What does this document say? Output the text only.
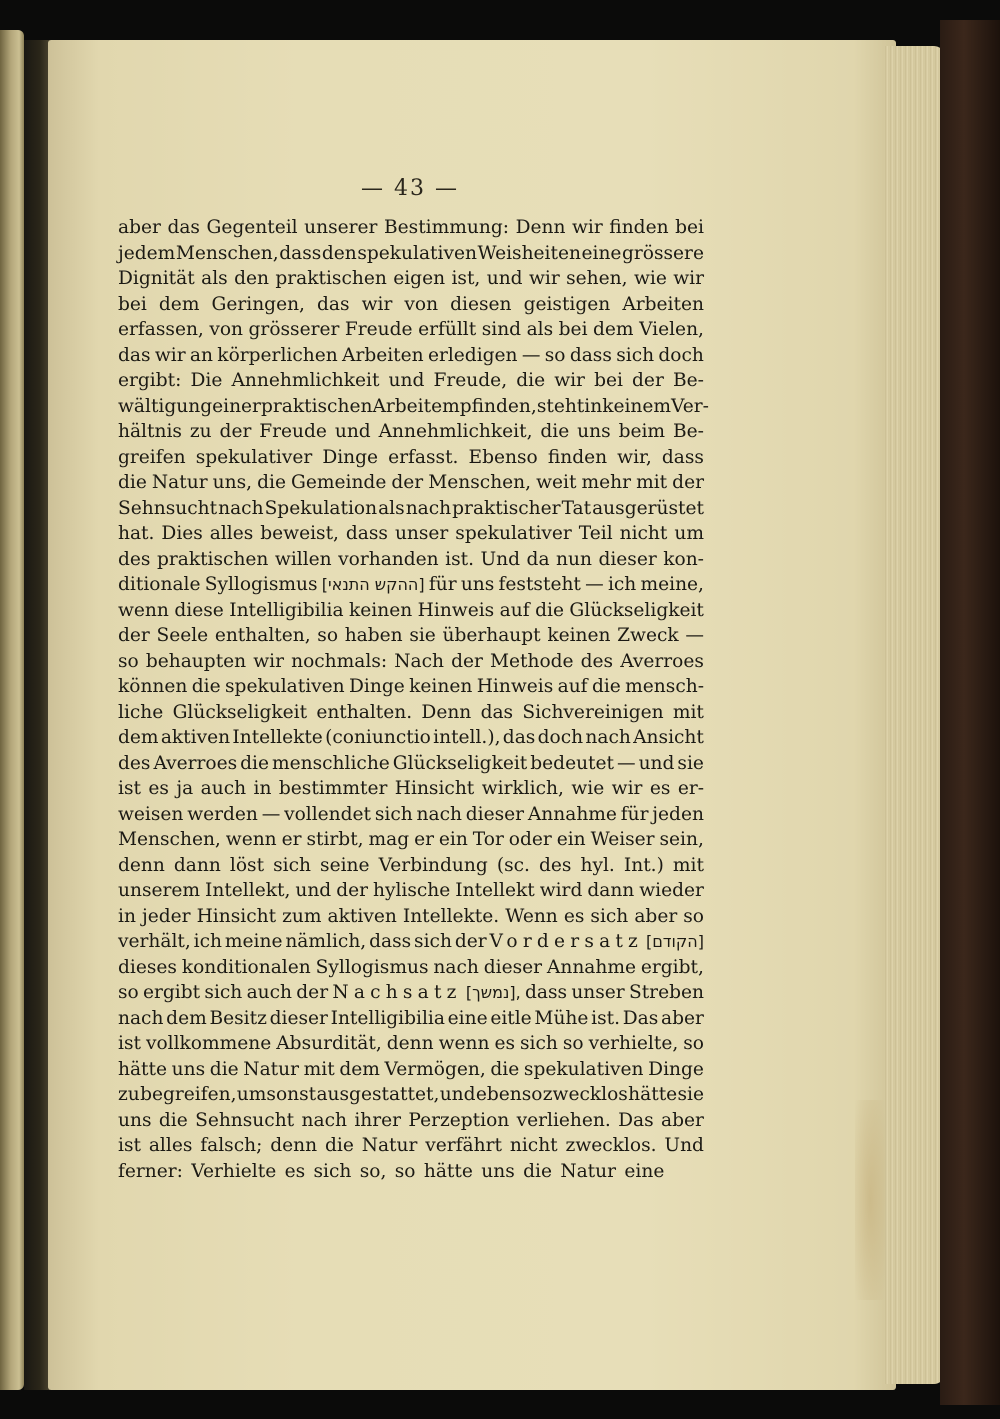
— 43 —
aber das Gegenteil unserer Bestimmung: Denn wir finden bei
jedem Menschen, dass den spekulativen Weisheiten eine grössere
Dignität als den praktischen eigen ist, und wir sehen, wie wir
bei dem Geringen, das wir von diesen geistigen Arbeiten
erfassen, von grösserer Freude erfüllt sind als bei dem Vielen,
das wir an körperlichen Arbeiten erledigen — so dass sich doch
ergibt: Die Annehmlichkeit und Freude, die wir bei der Be-
wältigung einer praktischen Arbeit empfinden, steht in keinem Ver-
hältnis zu der Freude und Annehmlichkeit, die uns beim Be-
greifen spekulativer Dinge erfasst. Ebenso finden wir, dass
die Natur uns, die Gemeinde der Menschen, weit mehr mit der
Sehnsucht nach Spekulation als nach praktischer Tat ausgerüstet
hat. Dies alles beweist, dass unser spekulativer Teil nicht um
des praktischen willen vorhanden ist. Und da nun dieser kon-
ditionale Syllogismus [ההקש התנאי] für uns feststeht — ich meine,
wenn diese Intelligibilia keinen Hinweis auf die Glückseligkeit
der Seele enthalten, so haben sie überhaupt keinen Zweck —
so behaupten wir nochmals: Nach der Methode des Averroes
können die spekulativen Dinge keinen Hinweis auf die mensch-
liche Glückseligkeit enthalten. Denn das Sichvereinigen mit
dem aktiven Intellekte (coniunctio intell.), das doch nach Ansicht
des Averroes die menschliche Glückseligkeit bedeutet — und sie
ist es ja auch in bestimmter Hinsicht wirklich, wie wir es er-
weisen werden — vollendet sich nach dieser Annahme für jeden
Menschen, wenn er stirbt, mag er ein Tor oder ein Weiser sein,
denn dann löst sich seine Verbindung (sc. des hyl. Int.) mit
unserem Intellekt, und der hylische Intellekt wird dann wieder
in jeder Hinsicht zum aktiven Intellekte. Wenn es sich aber so
verhält, ich meine nämlich, dass sich der Vordersatz [הקודם]
dieses konditionalen Syllogismus nach dieser Annahme ergibt,
so ergibt sich auch der Nachsatz [נמשך], dass unser Streben
nach dem Besitz dieser Intelligibilia eine eitle Mühe ist. Das aber
ist vollkommene Absurdität, denn wenn es sich so verhielte, so
hätte uns die Natur mit dem Vermögen, die spekulativen Dinge
zu begreifen, umsonst ausgestattet, und ebenso zwecklos hätte sie
uns die Sehnsucht nach ihrer Perzeption verliehen. Das aber
ist alles falsch; denn die Natur verfährt nicht zwecklos. Und
ferner: Verhielte es sich so, so hätte uns die Natur eine
